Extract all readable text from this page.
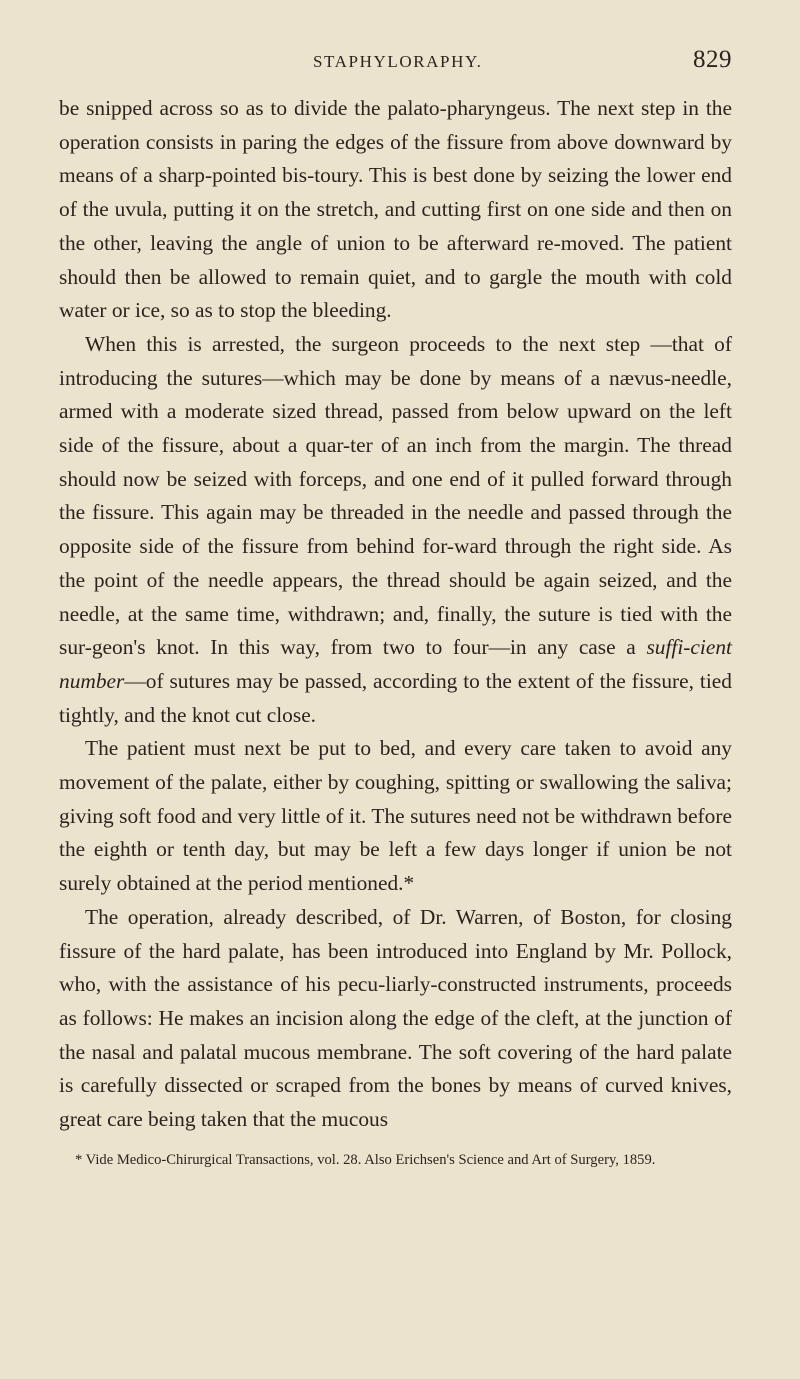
STAPHYLORAPHY.	829

be snipped across so as to divide the palato-pharyngeus. The next step in the operation consists in paring the edges of the fissure from above downward by means of a sharp-pointed bis-toury. This is best done by seizing the lower end of the uvula, putting it on the stretch, and cutting first on one side and then on the other, leaving the angle of union to be afterward re-moved. The patient should then be allowed to remain quiet, and to gargle the mouth with cold water or ice, so as to stop the bleeding.

When this is arrested, the surgeon proceeds to the next step —that of introducing the sutures—which may be done by means of a nævus-needle, armed with a moderate sized thread, passed from below upward on the left side of the fissure, about a quar-ter of an inch from the margin. The thread should now be seized with forceps, and one end of it pulled forward through the fissure. This again may be threaded in the needle and passed through the opposite side of the fissure from behind for-ward through the right side. As the point of the needle appears, the thread should be again seized, and the needle, at the same time, withdrawn; and, finally, the suture is tied with the sur-geon's knot. In this way, from two to four—in any case a suffi-cient number—of sutures may be passed, according to the extent of the fissure, tied tightly, and the knot cut close.

The patient must next be put to bed, and every care taken to avoid any movement of the palate, either by coughing, spitting or swallowing the saliva; giving soft food and very little of it. The sutures need not be withdrawn before the eighth or tenth day, but may be left a few days longer if union be not surely obtained at the period mentioned.*

The operation, already described, of Dr. Warren, of Boston, for closing fissure of the hard palate, has been introduced into England by Mr. Pollock, who, with the assistance of his pecu-liarly-constructed instruments, proceeds as follows: He makes an incision along the edge of the cleft, at the junction of the nasal and palatal mucous membrane. The soft covering of the hard palate is carefully dissected or scraped from the bones by means of curved knives, great care being taken that the mucous

* Vide Medico-Chirurgical Transactions, vol. 28. Also Erichsen's Science and Art of Surgery, 1859.
